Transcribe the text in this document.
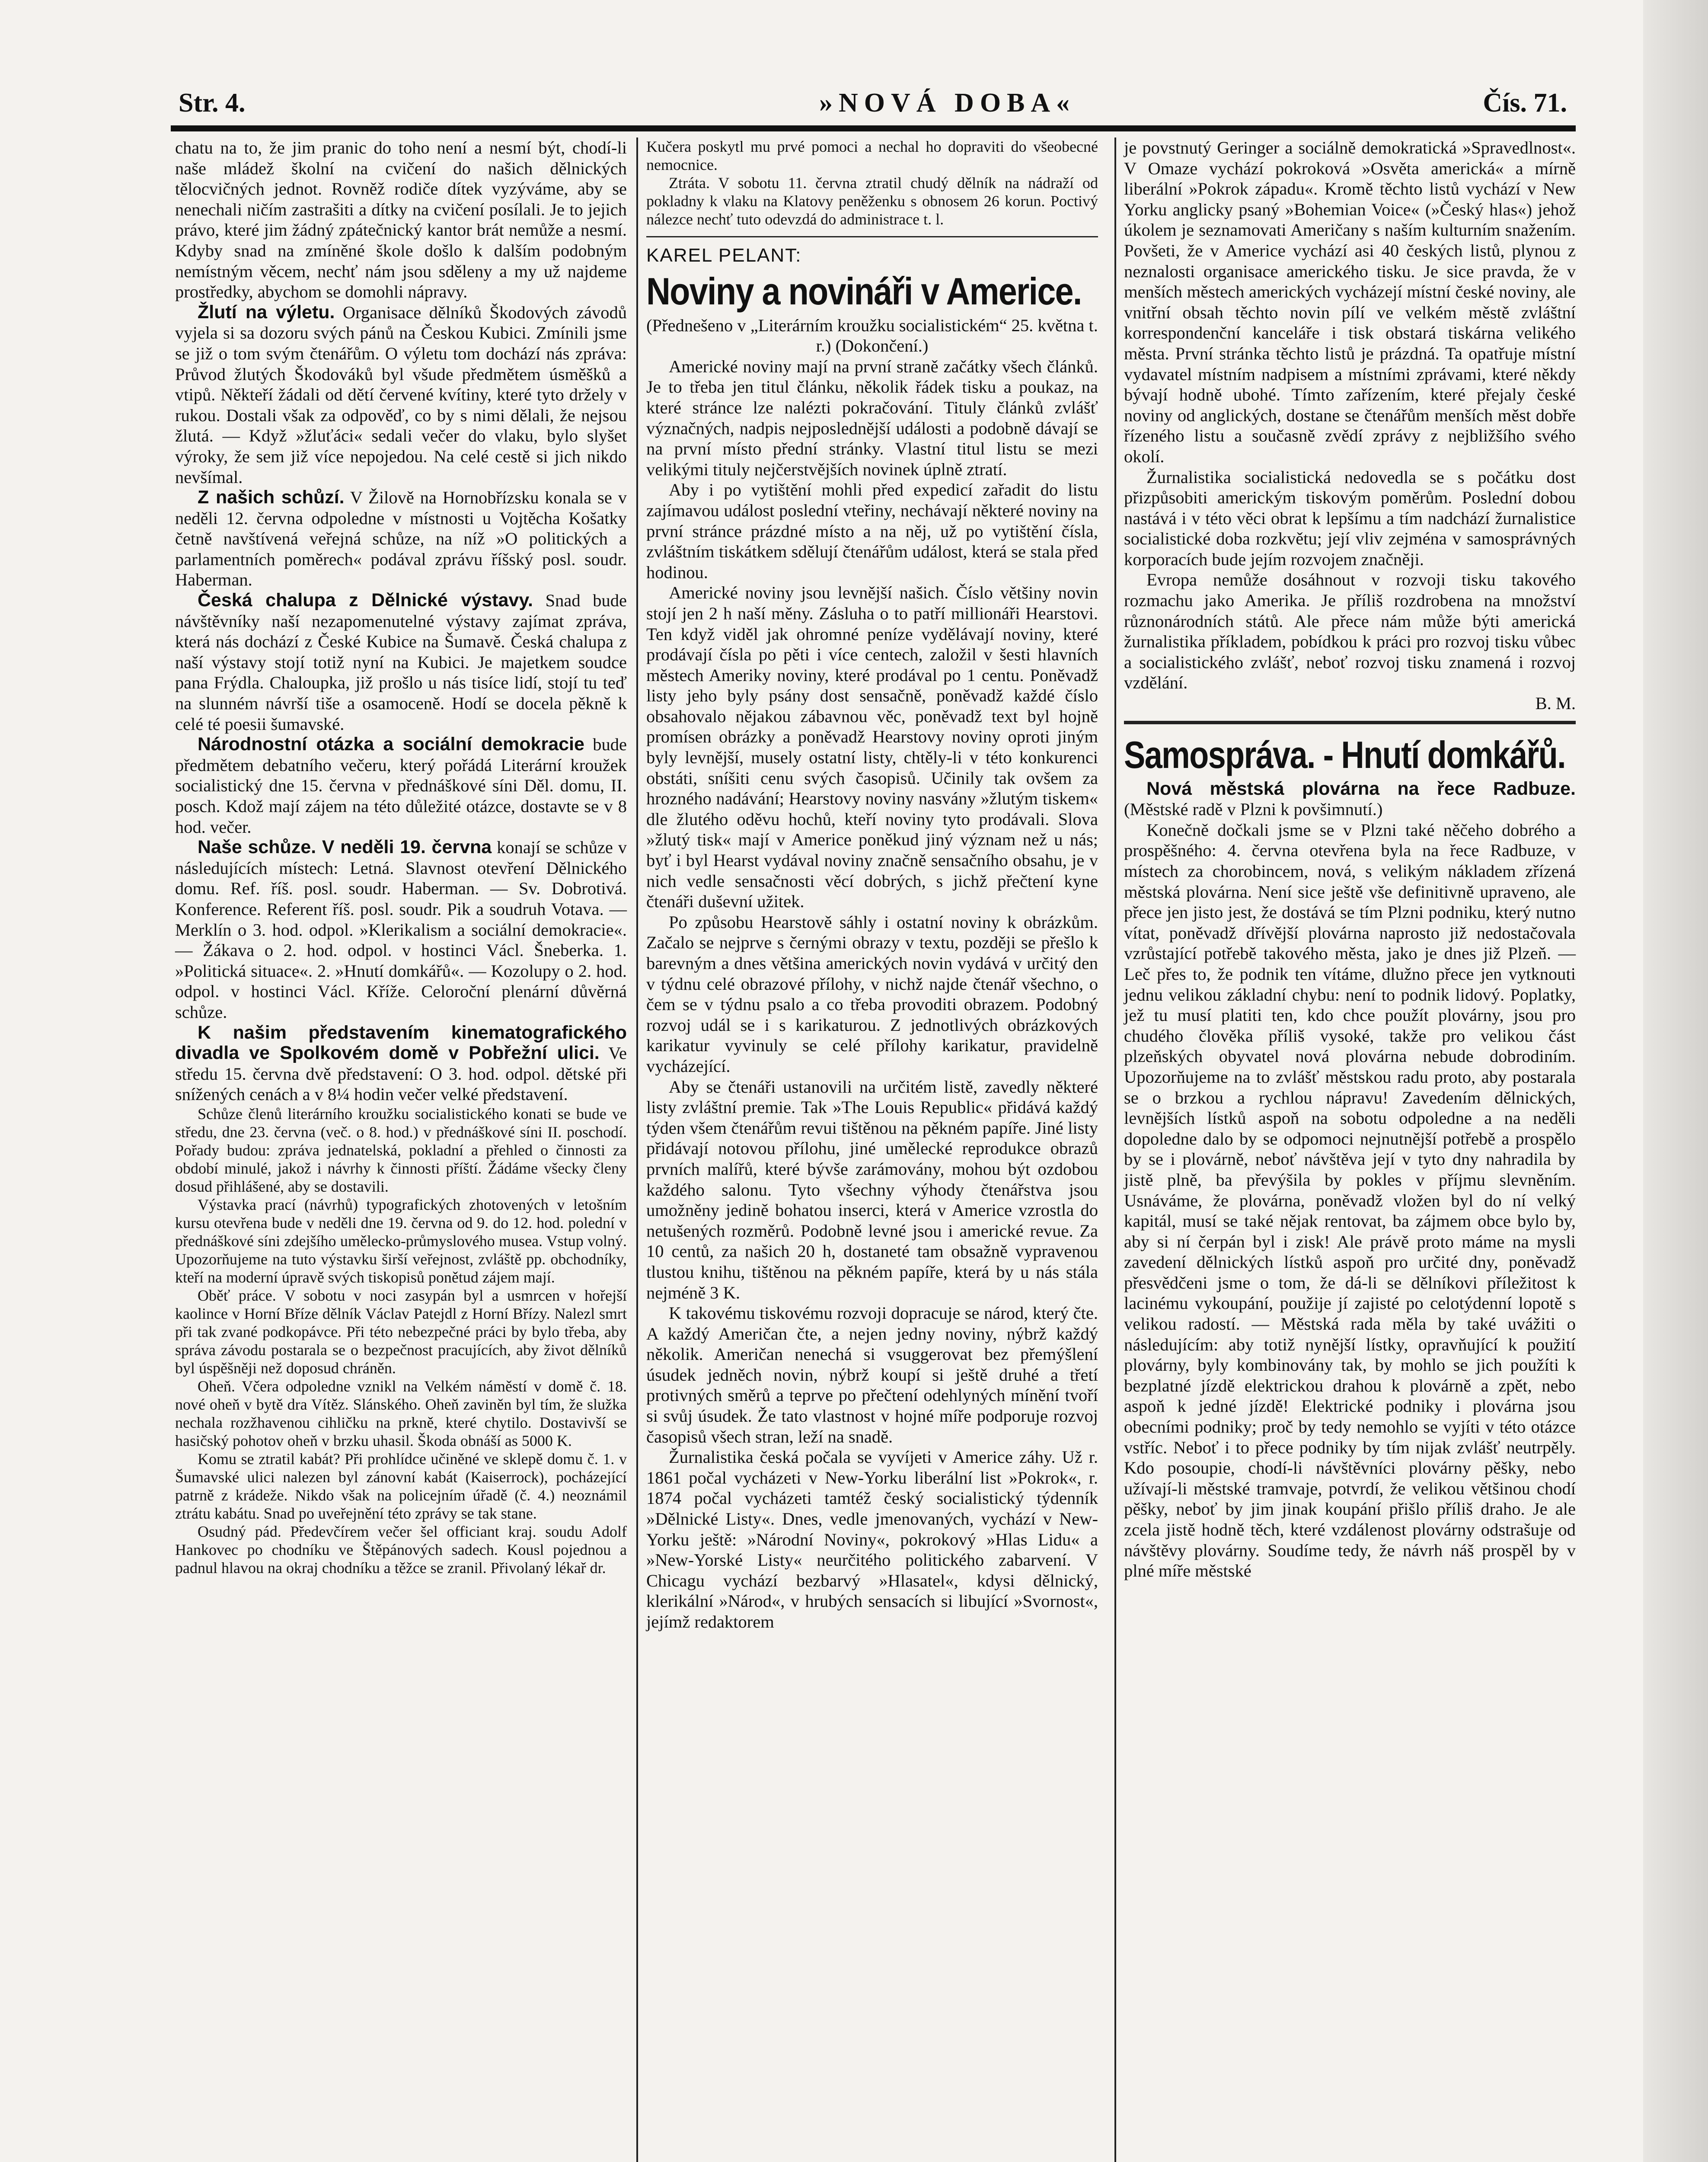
Str. 4.	»NOVÁ DOBA«	Čís. 71.

chatu na to, že jim pranic do toho není a nesmí být, chodí-li naše mládež školní na cvičení do našich dělnických tělocvičných jednot. Rovněž rodiče dítek vyzýváme, aby se nenechali ničím zastrašiti a dítky na cvičení posílali. Je to jejich právo, které jim žádný zpátečnický kantor brát nemůže a nesmí. Kdyby snad na zmíněné škole došlo k dalším podobným nemístným věcem, nechť nám jsou sděleny a my už najdeme prostředky, abychom se domohli nápravy.

Žlutí na výletu. Organisace dělníků Škodových závodů vyjela si sa dozoru svých pánů na Českou Kubici. Zmínili jsme se již o tom svým čtenářům. O výletu tom dochází nás zpráva: Průvod žlutých Škodováků byl všude předmětem úsměšků a vtipů. Někteří žádali od dětí červené kvítiny, které tyto držely v rukou. Dostali však za odpověď, co by s nimi dělali, že nejsou žlutá. — Když »žluťáci« sedali večer do vlaku, bylo slyšet výroky, že sem již více nepojedou. Na celé cestě si jich nikdo nevšímal.

Z našich schůzí. V Žilově na Hornobřízsku konala se v neděli 12. června odpoledne v místnosti u Vojtěcha Košatky četně navštívená veřejná schůze, na níž »O politických a parlamentních poměrech« podával zprávu říšský posl. soudr. Haberman.

Česká chalupa z Dělnické výstavy. Snad bude návštěvníky naší nezapomenutelné výstavy zajímat zpráva, která nás dochází z České Kubice na Šumavě. Česká chalupa z naší výstavy stojí totiž nyní na Kubici. Je majetkem soudce pana Frýdla. Chaloupka, již prošlo u nás tisíce lidí, stojí tu teď na slunném návrší tiše a osamoceně. Hodí se docela pěkně k celé té poesii šumavské.

Národnostní otázka a sociální demokracie bude předmětem debatního večeru, který pořádá Literární kroužek socialistický dne 15. června v přednáškové síni Děl. domu, II. posch. Kdož mají zájem na této důležité otázce, dostavte se v 8 hod. večer.

Naše schůze. V neděli 19. června konají se schůze v následujících místech: Letná. Slavnost otevření Dělnického domu. Ref. říš. posl. soudr. Haberman. — Sv. Dobrotivá. Konference. Referent říš. posl. soudr. Pik a soudruh Votava. — Merklín o 3. hod. odpol. »Klerikalism a sociální demokracie«. — Žákava o 2. hod. odpol. v hostinci Václ. Šneberka. 1. »Politická situace«. 2. »Hnutí domkářů«. — Kozolupy o 2. hod. odpol. v hostinci Václ. Kříže. Celoroční plenární důvěrná schůze.

K našim představením kinematografického divadla ve Spolkovém domě v Pobřežní ulici. Ve středu 15. června dvě představení: O 3. hod. odpol. dětské při snížených cenách a v 8¼ hodin večer velké představení.

Schůze členů literárního kroužku socialistického konati se bude ve středu, dne 23. června (več. o 8. hod.) v přednáškové síni II. poschodí. Pořady budou: zpráva jednatelská, pokladní a přehled o činnosti za období minulé, jakož i návrhy k činnosti příští. Žádáme všecky členy dosud přihlášené, aby se dostavili.

Výstavka prací (návrhů) typografických zhotovených v letošním kursu otevřena bude v neděli dne 19. června od 9. do 12. hod. polední v přednáškové síni zdejšího umělecko-průmyslového musea. Vstup volný. Upozorňujeme na tuto výstavku širší veřejnost, zvláště pp. obchodníky, kteří na moderní úpravě svých tiskopisů ponětud zájem mají.

Oběť práce. V sobotu v noci zasypán byl a usmrcen v hořejší kaolince v Horní Bříze dělník Václav Patejdl z Horní Břízy. Nalezl smrt při tak zvané podkopávce. Při této nebezpečné práci by bylo třeba, aby správa závodu postarala se o bezpečnost pracujících, aby život dělníků byl úspěšněji než doposud chráněn.

Oheň. Včera odpoledne vznikl na Velkém náměstí v domě č. 18. nové oheň v bytě dra Vítěz. Slánského. Oheň zaviněn byl tím, že služka nechala rozžhavenou cihličku na prkně, které chytilo. Dostavivší se hasičský pohotov oheň v brzku uhasil. Škoda obnáší as 5000 K.

Komu se ztratil kabát? Při prohlídce učiněné ve sklepě domu č. 1. v Šumavské ulici nalezen byl zánovní kabát (Kaiserrock), pocházející patrně z krádeže. Nikdo však na policejním úřadě (č. 4.) neoznámil ztrátu kabátu. Snad po uveřejnění této zprávy se tak stane.

Osudný pád. Předevčírem večer šel officiant kraj. soudu Adolf Hankovec po chodníku ve Štěpánových sadech. Kousl pojednou a padnul hlavou na okraj chodníku a těžce se zranil. Přivolaný lékař dr.

Kučera poskytl mu prvé pomoci a nechal ho dopraviti do všeobecné nemocnice.

Ztráta. V sobotu 11. června ztratil chudý dělník na nádraží od pokladny k vlaku na Klatovy peněženku s obnosem 26 korun. Poctivý nálezce nechť tuto odevzdá do administrace t. l.

KAREL PELANT:

Noviny a novináři v Americe.

(Přednešeno v „Literárním kroužku socialistickém“ 25. května t. r.) (Dokončení.)

Americké noviny mají na první straně začátky všech článků. Je to třeba jen titul článku, několik řádek tisku a poukaz, na které stránce lze nalézti pokračování. Tituly článků zvlášť význačných, nadpis nejposlednější události a podobně dávají se na první místo přední stránky. Vlastní titul listu se mezi velikými tituly nejčerstvějších novinek úplně ztratí.

Aby i po vytištění mohli před expedicí zařadit do listu zajímavou událost poslední vteřiny, nechávají některé noviny na první stránce prázdné místo a na něj, už po vytištění čísla, zvláštním tiskátkem sdělují čtenářům událost, která se stala před hodinou.

Americké noviny jsou levnější našich. Číslo většiny novin stojí jen 2 h naší měny. Zásluha o to patří millionáři Hearstovi. Ten když viděl jak ohromné peníze vydělávají noviny, které prodávají čísla po pěti i více centech, založil v šesti hlavních městech Ameriky noviny, které prodával po 1 centu. Poněvadž listy jeho byly psány dost sensačně, poněvadž každé číslo obsahovalo nějakou zábavnou věc, poněvadž text byl hojně promísen obrázky a poněvadž Hearstovy noviny oproti jiným byly levnější, musely ostatní listy, chtěly-li v této konkurenci obstáti, sníšiti cenu svých časopisů. Učinily tak ovšem za hrozného nadávání; Hearstovy noviny nasvány »žlutým tiskem« dle žlutého oděvu hochů, kteří noviny tyto prodávali. Slova »žlutý tisk« mají v Americe poněkud jiný význam než u nás; byť i byl Hearst vydával noviny značně sensačního obsahu, je v nich vedle sensačnosti věcí dobrých, s jichž přečtení kyne čtenáři duševní užitek.

Po způsobu Hearstově sáhly i ostatní noviny k obrázkům. Začalo se nejprve s černými obrazy v textu, později se přešlo k barevným a dnes většina amerických novin vydává v určitý den v týdnu celé obrazové přílohy, v nichž najde čtenář všechno, o čem se v týdnu psalo a co třeba provoditi obrazem. Podobný rozvoj udál se i s karikaturou. Z jednotlivých obrázkových karikatur vyvinuly se celé přílohy karikatur, pravidelně vycházející.

Aby se čtenáři ustanovili na určitém listě, zavedly některé listy zvláštní premie. Tak »The Louis Republic« přidává každý týden všem čtenářům revui tištěnou na pěkném papíře. Jiné listy přidávají notovou přílohu, jiné umělecké reprodukce obrazů prvních malířů, které bývše zarámovány, mohou být ozdobou každého salonu. Tyto všechny výhody čtenářstva jsou umožněny jedině bohatou inserci, která v Americe vzrostla do netušených rozměrů. Podobně levné jsou i americké revue. Za 10 centů, za našich 20 h, dostaneté tam obsažně vypravenou tlustou knihu, tištěnou na pěkném papíře, která by u nás stála nejméně 3 K.

K takovému tiskovému rozvoji dopracuje se národ, který čte. A každý Američan čte, a nejen jedny noviny, nýbrž každý několik. Američan nenechá si vsuggerovat bez přemýšlení úsudek jedněch novin, nýbrž koupí si ještě druhé a třetí protivných směrů a teprve po přečtení odehlyných mínění tvoří si svůj úsudek. Že tato vlastnost v hojné míře podporuje rozvoj časopisů všech stran, leží na snadě.

Žurnalistika česká počala se vyvíjeti v Americe záhy. Už r. 1861 počal vycházeti v New-Yorku liberální list »Pokrok«, r. 1874 počal vycházeti tamtéž český socialistický týdenník »Dělnické Listy«. Dnes, vedle jmenovaných, vychází v New-Yorku ještě: »Národní Noviny«, pokrokový »Hlas Lidu« a »New-Yorské Listy« neurčitého politického zabarvení. V Chicagu vychází bezbarvý »Hlasatel«, kdysi dělnický, klerikální »Národ«, v hrubých sensacích si libující »Svornost«, jejímž redaktorem

je povstnutý Geringer a sociálně demokratická »Spravedlnost«. V Omaze vychází pokroková »Osvěta americká« a mírně liberální »Pokrok západu«. Kromě těchto listů vychází v New Yorku anglicky psaný »Bohemian Voice« (»Český hlas«) jehož úkolem je seznamovati Američany s naším kulturním snažením. Povšeti, že v Americe vychází asi 40 českých listů, plynou z neznalosti organisace amerického tisku. Je sice pravda, že v menších městech amerických vycházejí místní české noviny, ale vnitřní obsah těchto novin pílí ve velkém městě zvláštní korrespondenční kanceláře i tisk obstará tiskárna velikého města. První stránka těchto listů je prázdná. Ta opatřuje místní vydavatel místním nadpisem a místními zprávami, které někdy bývají hodně ubohé. Tímto zařízením, které přejaly české noviny od anglických, dostane se čtenářům menších měst dobře řízeného listu a současně zvědí zprávy z nejbližšího svého okolí.

Žurnalistika socialistická nedovedla se s počátku dost přizpůsobiti americkým tiskovým poměrům. Poslední dobou nastává i v této věci obrat k lepšímu a tím nadchází žurnalistice socialistické doba rozkvětu; její vliv zejména v samosprávných korporacích bude jejím rozvojem značněji.

Evropa nemůže dosáhnout v rozvoji tisku takového rozmachu jako Amerika. Je příliš rozdrobena na množství různonárodních států. Ale přece nám může býti americká žurnalistika příkladem, pobídkou k práci pro rozvoj tisku vůbec a socialistického zvlášť, neboť rozvoj tisku znamená i rozvoj vzdělání.

B. M.

Samospráva. - Hnutí domkářů.

Nová městská plovárna na řece Radbuze. (Městské radě v Plzni k povšimnutí.)

Konečně dočkali jsme se v Plzni také něčeho dobrého a prospěšného: 4. června otevřena byla na řece Radbuze, v místech za chorobincem, nová, s velikým nákladem zřízená městská plovárna. Není sice ještě vše definitivně upraveno, ale přece jen jisto jest, že dostává se tím Plzni podniku, který nutno vítat, poněvadž dřívější plovárna naprosto již nedostačovala vzrůstající potřebě takového města, jako je dnes již Plzeň. — Leč přes to, že podnik ten vítáme, dlužno přece jen vytknouti jednu velikou základní chybu: není to podnik lidový. Poplatky, jež tu musí platiti ten, kdo chce použít plovárny, jsou pro chudého člověka příliš vysoké, takže pro velikou část plzeňských obyvatel nová plovárna nebude dobrodiním. Upozorňujeme na to zvlášť městskou radu proto, aby postarala se o brzkou a rychlou nápravu! Zavedením dělnických, levnějších lístků aspoň na sobotu odpoledne a na neděli dopoledne dalo by se odpomoci nejnutnější potřebě a prospělo by se i plovárně, neboť návštěva její v tyto dny nahradila by jistě plně, ba převýšila by pokles v příjmu slevněním. Usnáváme, že plovárna, poněvadž vložen byl do ní velký kapitál, musí se také nějak rentovat, ba zájmem obce bylo by, aby si ní čerpán byl i zisk! Ale právě proto máme na mysli zavedení dělnických lístků aspoň pro určité dny, poněvadž přesvědčeni jsme o tom, že dá-li se dělníkovi příležitost k lacinému vykoupání, použije jí zajisté po celotýdenní lopotě s velikou radostí. — Městská rada měla by také uvážiti o následujícím: aby totiž nynější lístky, opravňující k použití plovárny, byly kombinovány tak, by mohlo se jich použíti k bezplatné jízdě elektrickou drahou k plovárně a zpět, nebo aspoň k jedné jízdě! Elektrické podniky i plovárna jsou obecními podniky; proč by tedy nemohlo se vyjíti v této otázce vstříc. Neboť i to přece podniky by tím nijak zvlášť neutrpěly. Kdo posoupie, chodí-li návštěvníci plovárny pěšky, nebo užívají-li městské tramvaje, potvrdí, že velikou většinou chodí pěšky, neboť by jim jinak koupání přišlo příliš draho. Je ale zcela jistě hodně těch, které vzdálenost plovárny odstrašuje od návštěvy plovárny. Soudíme tedy, že návrh náš prospěl by v plné míře městské
